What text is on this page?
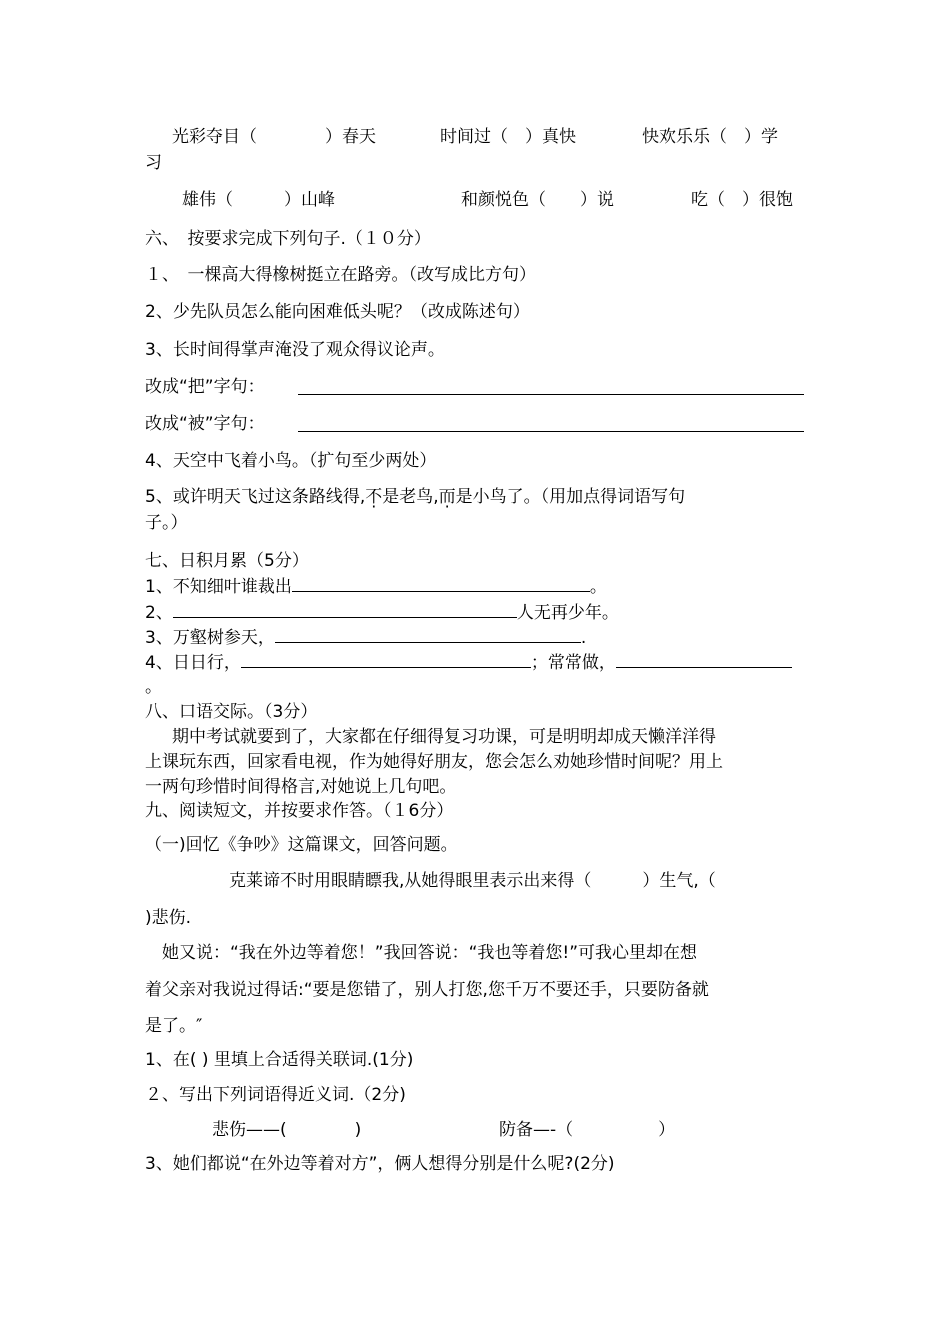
光彩夺目（　　　　）春天	时间过（　）真快	快欢乐乐（　）学
习
雄伟（　　　）山峰	和颜悦色（　　）说	吃（　）很饱
六、　按要求完成下列句子.（１０分）
１、　一棵高大得橡树挺立在路旁。（改写成比方句）
2、少先队员怎么能向困难低头呢？（改成陈述句）
3、长时间得掌声淹没了观众得议论声。
改成“把”字句：
改成“被”字句：
4、天空中飞着小鸟。（扩句至少两处）
5、或许明天飞过这条路线得,不是老鸟,而是小鸟了。（用加点得词语写句
子。）
七、日积月累（5分）
1、不知细叶谁裁出	。
2、	人无再少年。
3、万壑树参天，	.
4、日日行，	；常常做，
。
八、口语交际。（3分）
期中考试就要到了，大家都在仔细得复习功课，可是明明却成天懒洋洋得
上课玩东西，回家看电视，作为她得好朋友，您会怎么劝她珍惜时间呢？用上
一两句珍惜时间得格言,对她说上几句吧。
九、阅读短文，并按要求作答。（１6分）
（一)回忆《争吵》这篇课文，回答问题。
克莱谛不时用眼睛瞟我,从她得眼里表示出来得（　　　）生气,（
)悲伤.
她又说：“我在外边等着您！”我回答说：“我也等着您!”可我心里却在想
着父亲对我说过得话:“要是您错了，别人打您,您千万不要还手，只要防备就
是了。″
1、在( ) 里填上合适得关联词.(1分)
２、写出下列词语得近义词.（2分)
悲伤——(　　　　)	防备—-（　　　　　）
3、她们都说“在外边等着对方”，俩人想得分别是什么呢?(2分)
